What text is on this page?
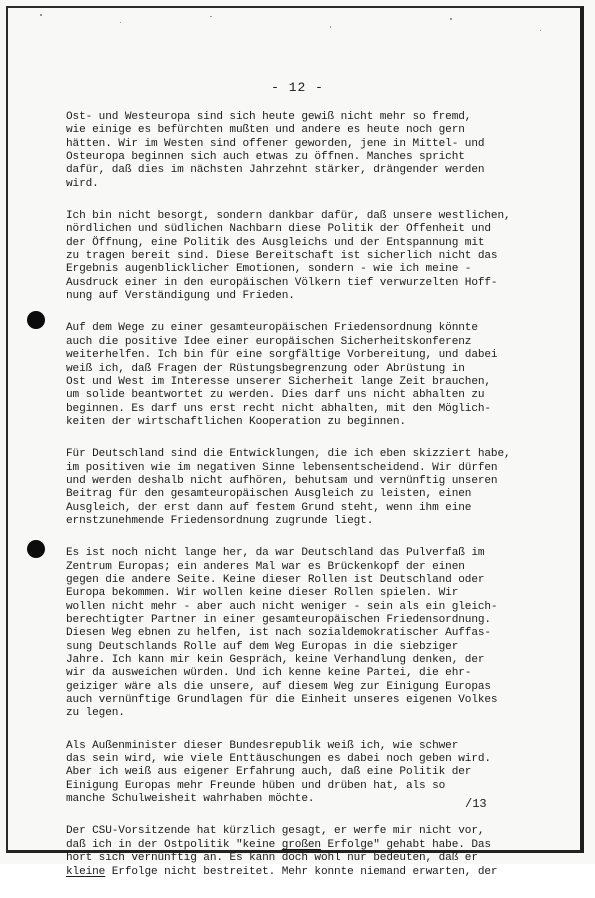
- 12 -
Ost- und Westeuropa sind sich heute gewiß nicht mehr so fremd,
wie einige es befürchten mußten und andere es heute noch gern
hätten. Wir im Westen sind offener geworden, jene in Mittel- und
Osteuropa beginnen sich auch etwas zu öffnen. Manches spricht
dafür, daß dies im nächsten Jahrzehnt stärker, drängender werden
wird.
Ich bin nicht besorgt, sondern dankbar dafür, daß unsere westlichen,
nördlichen und südlichen Nachbarn diese Politik der Offenheit und
der Öffnung, eine Politik des Ausgleichs und der Entspannung mit
zu tragen bereit sind. Diese Bereitschaft ist sicherlich nicht das
Ergebnis augenblicklicher Emotionen, sondern - wie ich meine -
Ausdruck einer in den europäischen Völkern tief verwurzelten Hoff-
nung auf Verständigung und Frieden.
Auf dem Wege zu einer gesamteuropäischen Friedensordnung könnte
auch die positive Idee einer europäischen Sicherheitskonferenz
weiterhelfen. Ich bin für eine sorgfältige Vorbereitung, und dabei
weiß ich, daß Fragen der Rüstungsbegrenzung oder Abrüstung in
Ost und West im Interesse unserer Sicherheit lange Zeit brauchen,
um solide beantwortet zu werden. Dies darf uns nicht abhalten zu
beginnen. Es darf uns erst recht nicht abhalten, mit den Möglich-
keiten der wirtschaftlichen Kooperation zu beginnen.
Für Deutschland sind die Entwicklungen, die ich eben skizziert habe,
im positiven wie im negativen Sinne lebensentscheidend. Wir dürfen
und werden deshalb nicht aufhören, behutsam und vernünftig unseren
Beitrag für den gesamteuropäischen Ausgleich zu leisten, einen
Ausgleich, der erst dann auf festem Grund steht, wenn ihm eine
ernstzunehmende Friedensordnung zugrunde liegt.
Es ist noch nicht lange her, da war Deutschland das Pulverfaß im
Zentrum Europas; ein anderes Mal war es Brückenkopf der einen
gegen die andere Seite. Keine dieser Rollen ist Deutschland oder
Europa bekommen. Wir wollen keine dieser Rollen spielen. Wir
wollen nicht mehr - aber auch nicht weniger - sein als ein gleich-
berechtigter Partner in einer gesamteuropäischen Friedensordnung.
Diesen Weg ebnen zu helfen, ist nach sozialdemokratischer Auffas-
sung Deutschlands Rolle auf dem Weg Europas in die siebziger
Jahre. Ich kann mir kein Gespräch, keine Verhandlung denken, der
wir da ausweichen würden. Und ich kenne keine Partei, die ehr-
geiziger wäre als die unsere, auf diesem Weg zur Einigung Europas
auch vernünftige Grundlagen für die Einheit unseres eigenen Volkes
zu legen.
Als Außenminister dieser Bundesrepublik weiß ich, wie schwer
das sein wird, wie viele Enttäuschungen es dabei noch geben wird.
Aber ich weiß aus eigener Erfahrung auch, daß eine Politik der
Einigung Europas mehr Freunde hüben und drüben hat, als so
manche Schulweisheit wahrhaben möchte.
Der CSU-Vorsitzende hat kürzlich gesagt, er werfe mir nicht vor,
daß ich in der Ostpolitik "keine großen Erfolge" gehabt habe. Das
hört sich vernünftig an. Es kann doch wohl nur bedeuten, daß er
kleine Erfolge nicht bestreitet. Mehr konnte niemand erwarten, der
/13
